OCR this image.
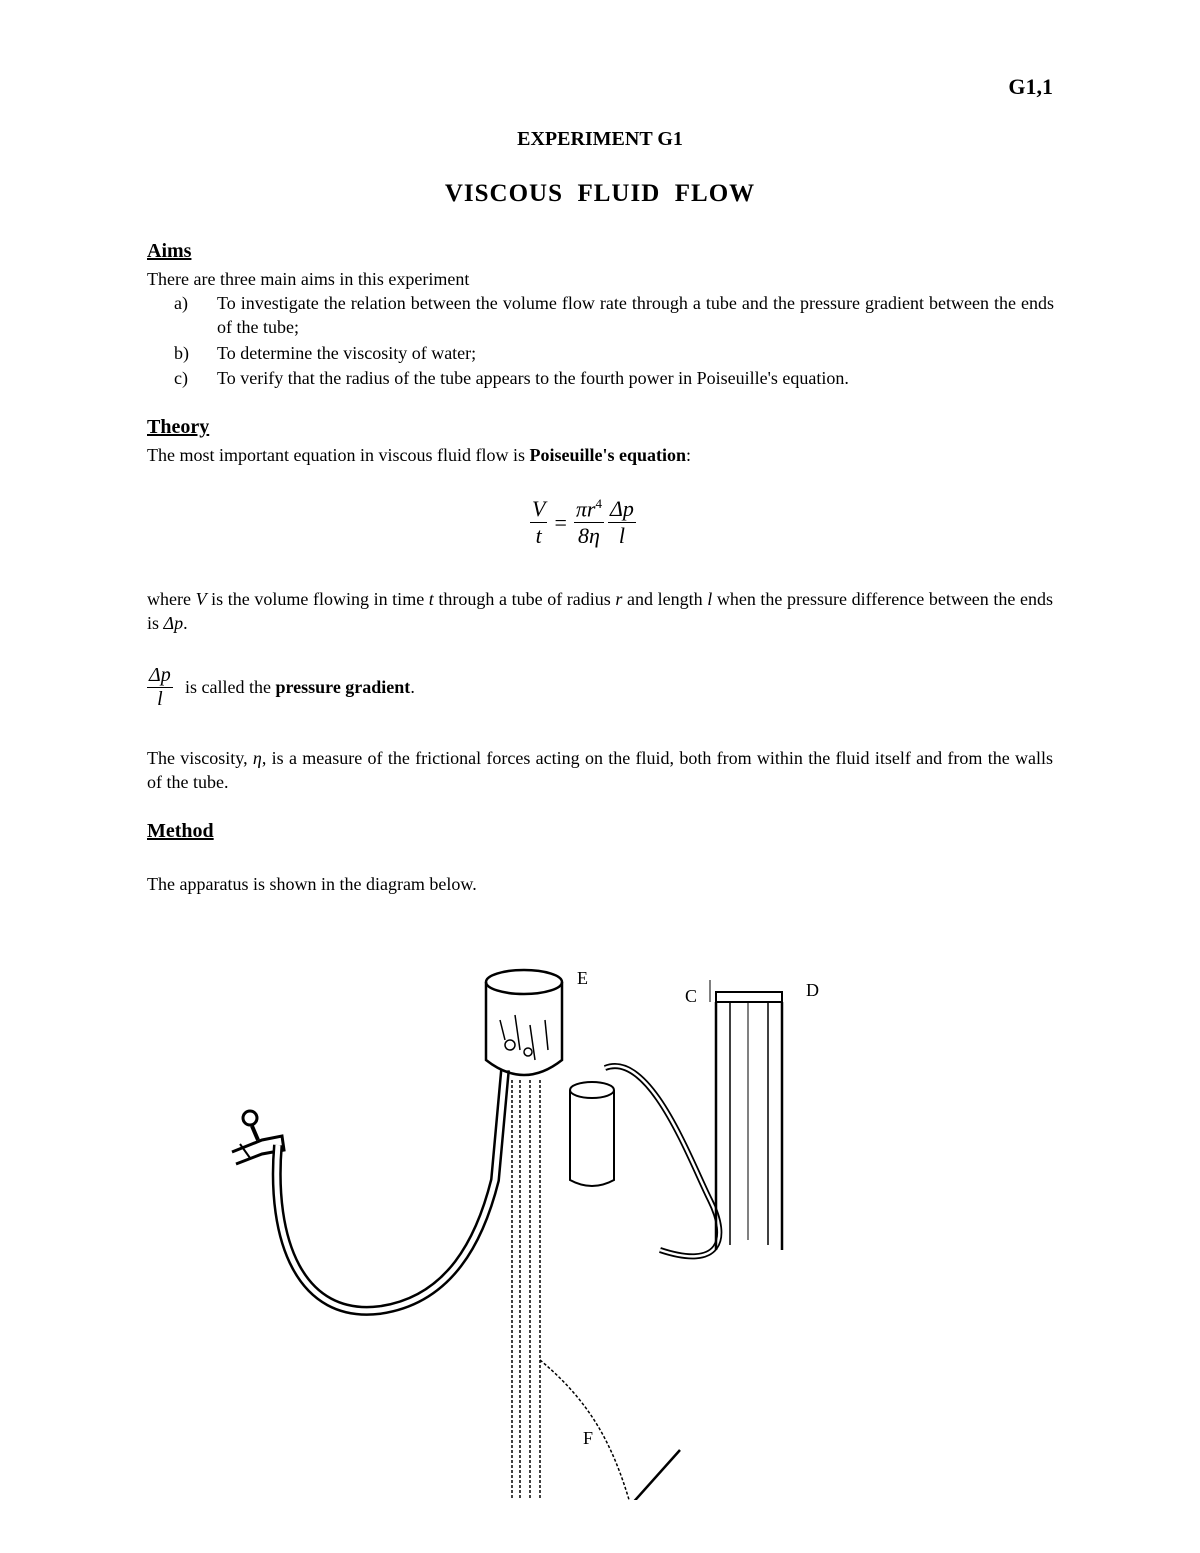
G1,1
EXPERIMENT G1
VISCOUS  FLUID  FLOW
Aims
There are three main aims in this experiment
a) To investigate the relation between the volume flow rate through a tube and the pressure gradient between the ends of the tube;
b) To determine the viscosity of water;
c) To verify that the radius of the tube appears to the fourth power in Poiseuille's equation.
Theory
The most important equation in viscous fluid flow is Poiseuille's equation:
$\frac{V}{t} = \frac{\pi r^4}{8\eta} \frac{\Delta p}{l}$
where V is the volume flowing in time t through a tube of radius r and length l when the pressure difference between the ends is Δp.
$\frac{\Delta p}{l}$ is called the pressure gradient.
The viscosity, η, is a measure of the frictional forces acting on the fluid, both from within the fluid itself and from the walls of the tube.
Method
The apparatus is shown in the diagram below.
E
C	D
F
